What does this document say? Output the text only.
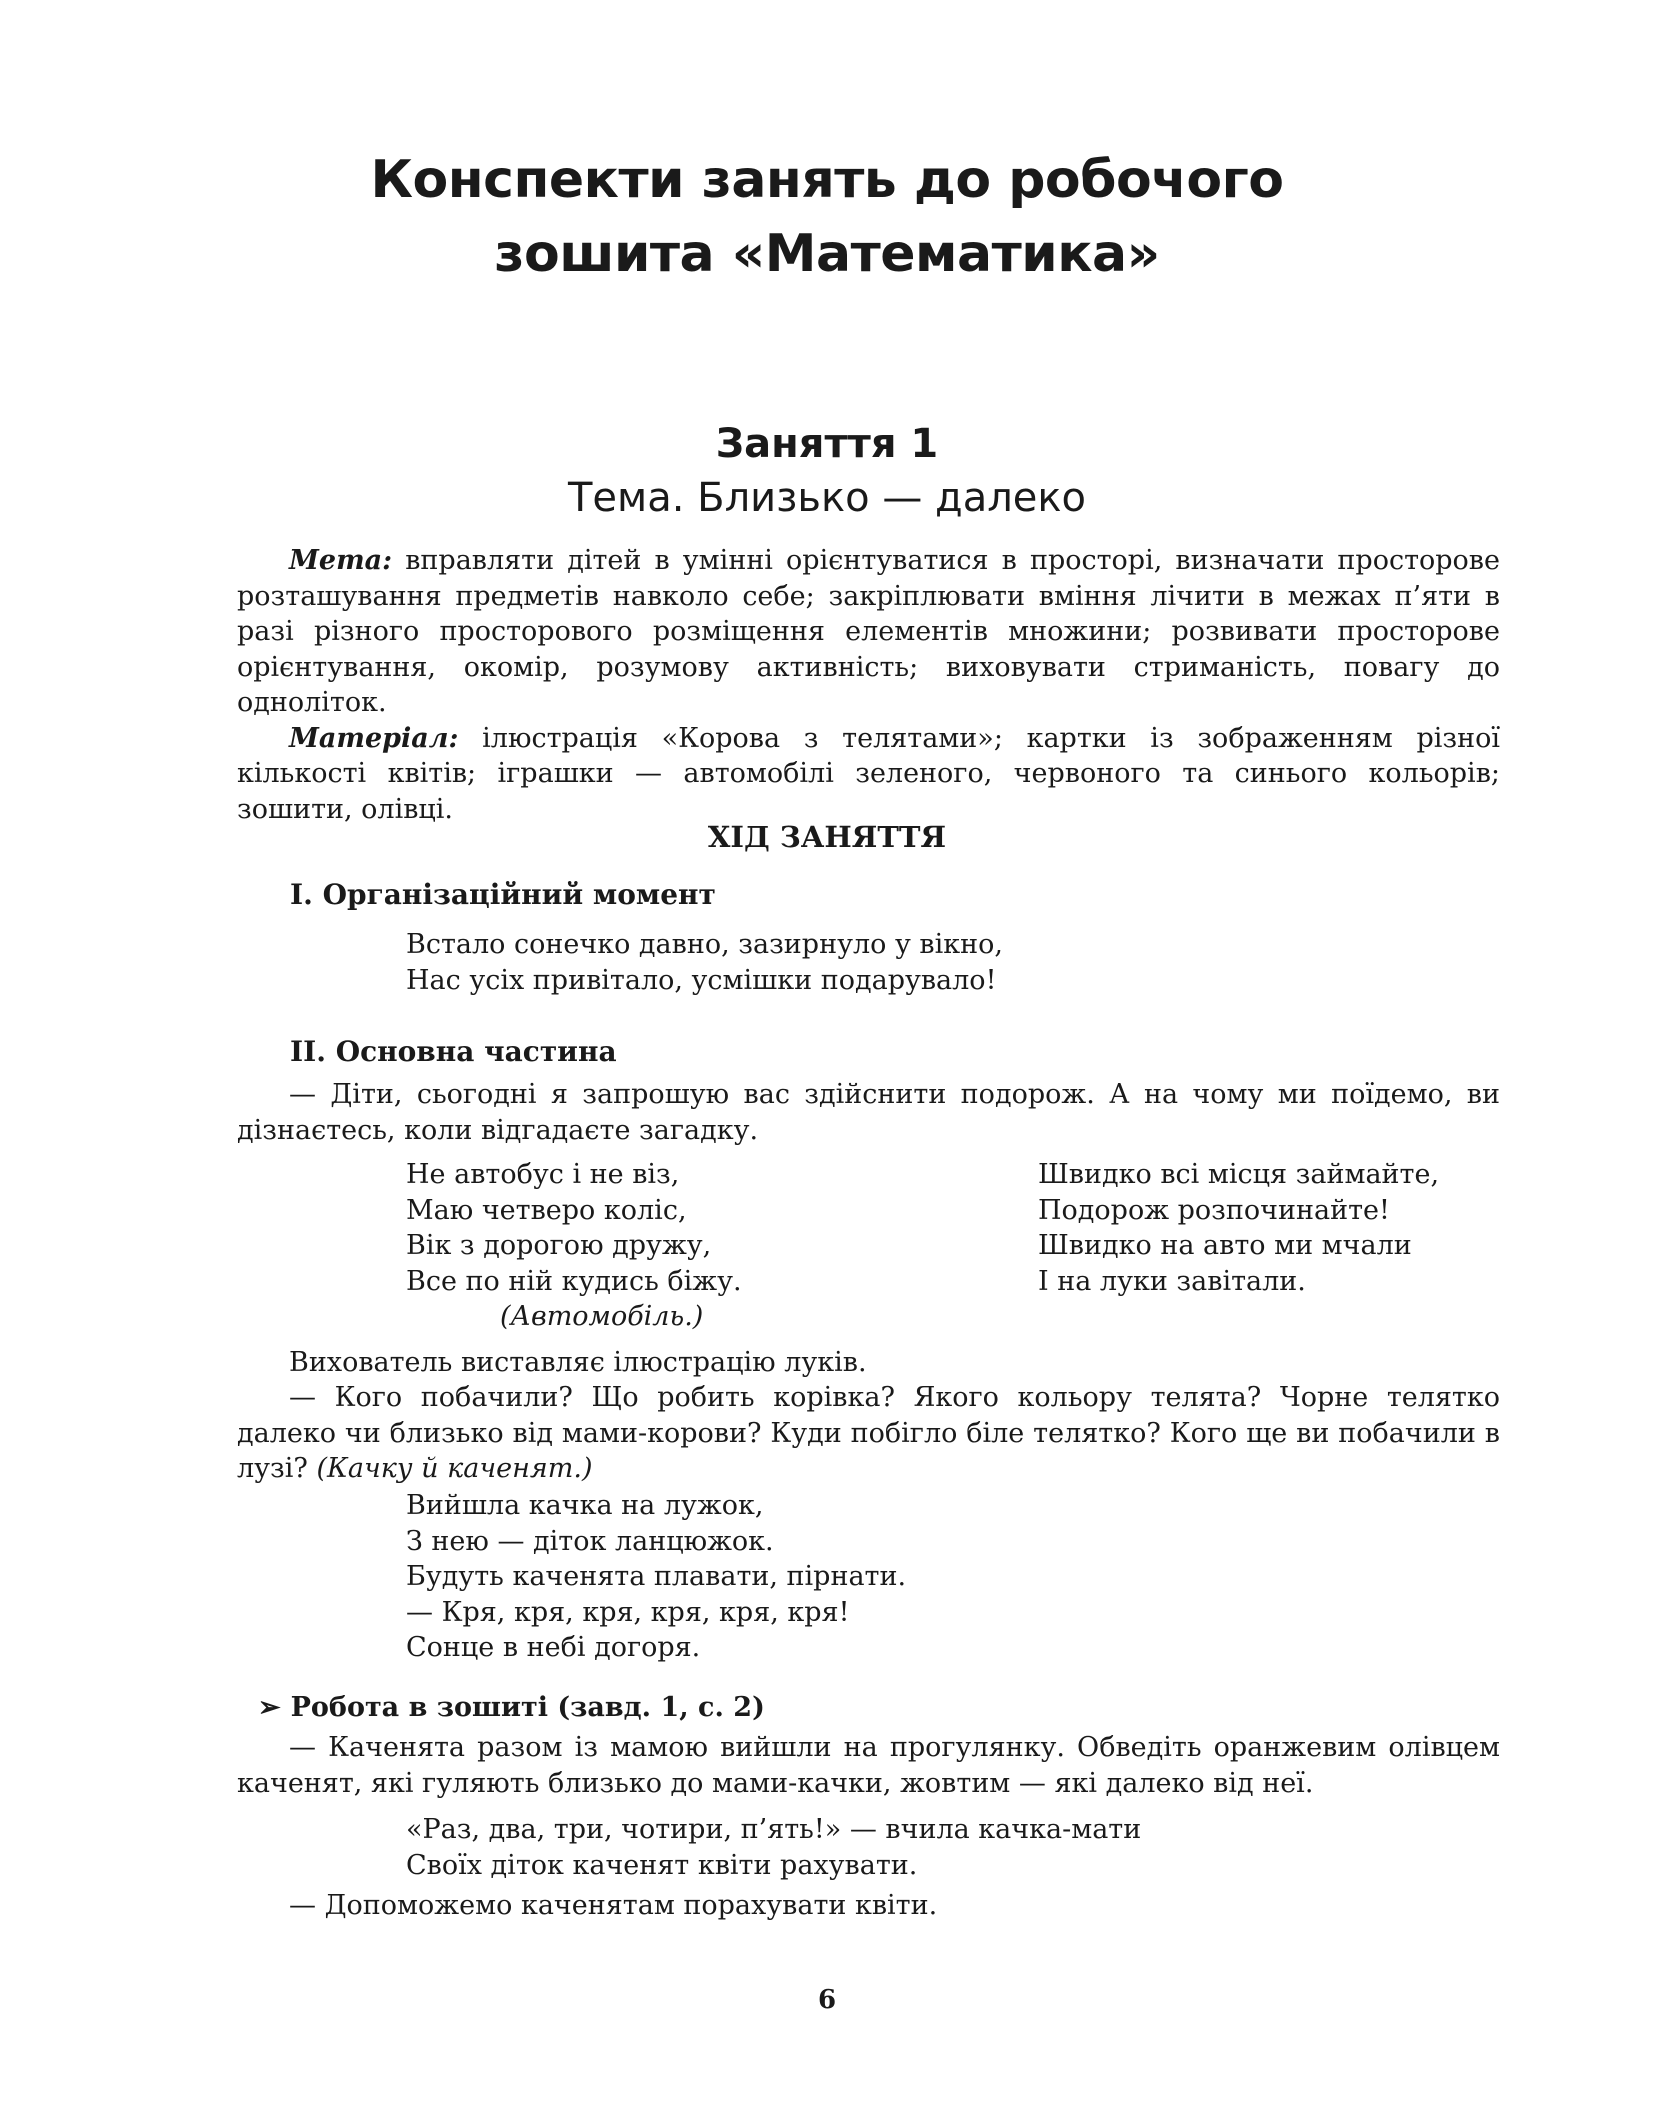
Конспекти занять до робочого
зошита «Математика»
Заняття 1
Тема. Близько — далеко

Мета: вправляти дітей в умінні орієнтуватися в просторі, визначати просторове розташування предметів навколо себе; закріплювати вміння лічити в межах п’яти в разі різного просторового розміщення елементів множини; розвивати просторове орієнтування, окомір, розумову активність; виховувати стриманість, повагу до одноліток.

Матеріал: ілюстрація «Корова з телятами»; картки із зображенням різної кількості квітів; іграшки — автомобілі зеленого, червоного та синього кольорів; зошити, олівці.

ХІД ЗАНЯТТЯ
І. Організаційний момент
Встало сонечко давно, зазирнуло у вікно,
Нас усіх привітало, усмішки подарувало!
ІІ. Основна частина

— Діти, сьогодні я запрошую вас здійснити подорож. А на чому ми поїдемо, ви дізнаєтесь, коли відгадаєте загадку.

Не автобус і не віз,
Маю четверо коліс,
Вік з дорогою дружу,
Все по ній кудись біжу.
(Автомобіль.)
Швидко всі місця займайте,
Подорож розпочинайте!
Швидко на авто ми мчали
І на луки завітали.
Вихователь виставляє ілюстрацію луків.

— Кого побачили? Що робить корівка? Якого кольору телята? Чорне телятко далеко чи близько від мами-корови? Куди побігло біле телятко? Кого ще ви побачили в лузі? (Качку й каченят.)

Вийшла качка на лужок,
З нею — діток ланцюжок.
Будуть каченята плавати, пірнати.
— Кря, кря, кря, кря, кря, кря!
Сонце в небі догоря.
➢ Робота в зошиті (завд. 1, с. 2)

— Каченята разом із мамою вийшли на прогулянку. Обведіть оранжевим олівцем каченят, які гуляють близько до мами-качки, жовтим — які далеко від неї.

«Раз, два, три, чотири, п’ять!» — вчила качка-мати
Своїх діток каченят квіти рахувати.
— Допоможемо каченятам порахувати квіти.
6
